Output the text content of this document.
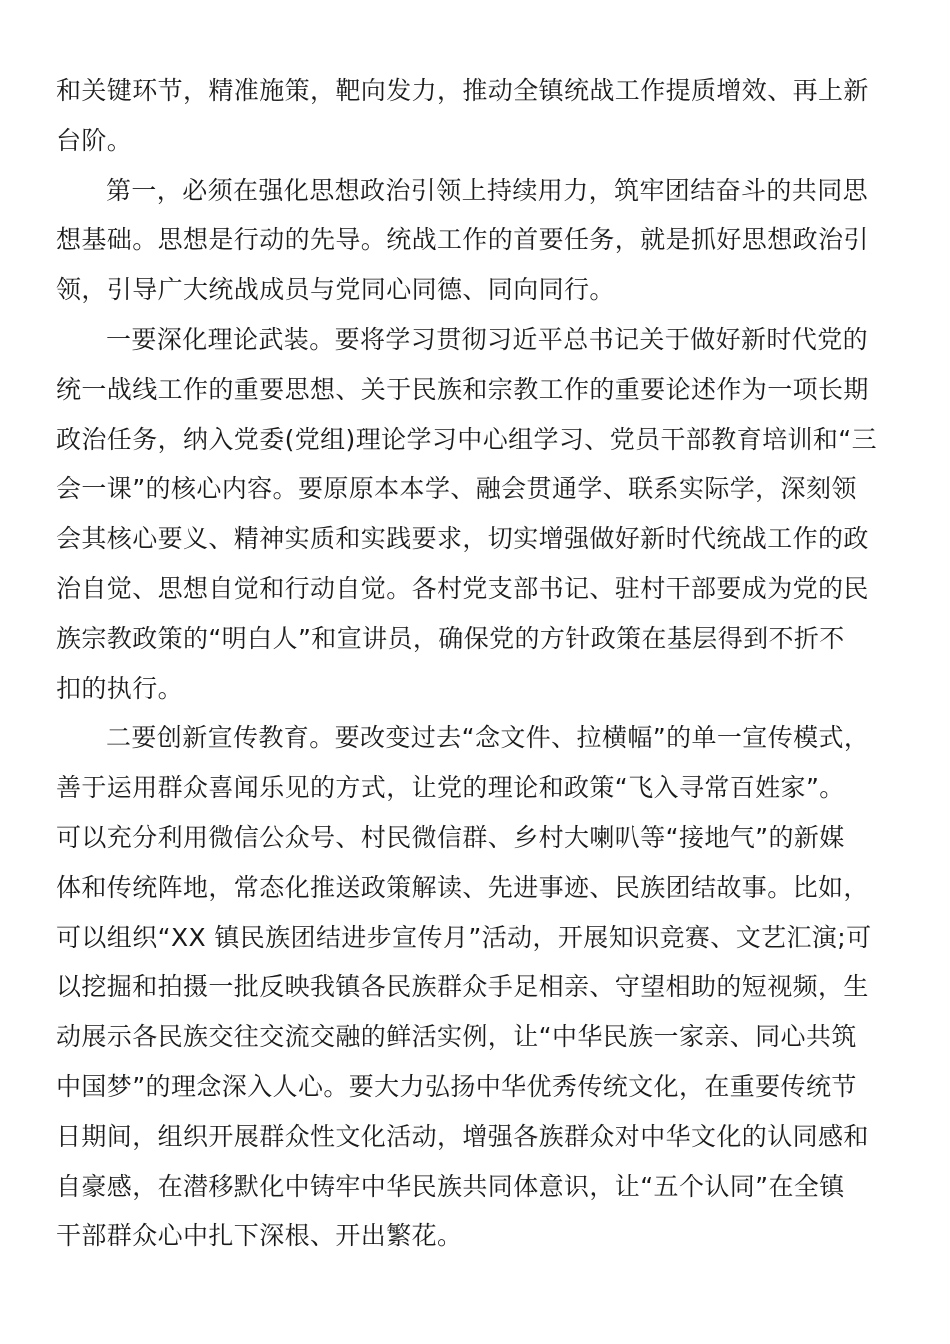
和关键环节，精准施策，靶向发力，推动全镇统战工作提质增效、再上新
台阶。
第一，必须在强化思想政治引领上持续用力，筑牢团结奋斗的共同思
想基础。思想是行动的先导。统战工作的首要任务，就是抓好思想政治引
领，引导广大统战成员与党同心同德、同向同行。
一要深化理论武装。要将学习贯彻习近平总书记关于做好新时代党的
统一战线工作的重要思想、关于民族和宗教工作的重要论述作为一项长期
政治任务，纳入党委(党组)理论学习中心组学习、党员干部教育培训和“三
会一课”的核心内容。要原原本本学、融会贯通学、联系实际学，深刻领
会其核心要义、精神实质和实践要求，切实增强做好新时代统战工作的政
治自觉、思想自觉和行动自觉。各村党支部书记、驻村干部要成为党的民
族宗教政策的“明白人”和宣讲员，确保党的方针政策在基层得到不折不
扣的执行。
二要创新宣传教育。要改变过去“念文件、拉横幅”的单一宣传模式，
善于运用群众喜闻乐见的方式，让党的理论和政策“飞入寻常百姓家”。
可以充分利用微信公众号、村民微信群、乡村大喇叭等“接地气”的新媒
体和传统阵地，常态化推送政策解读、先进事迹、民族团结故事。比如，
可以组织“XX 镇民族团结进步宣传月”活动，开展知识竞赛、文艺汇演;可
以挖掘和拍摄一批反映我镇各民族群众手足相亲、守望相助的短视频，生
动展示各民族交往交流交融的鲜活实例，让“中华民族一家亲、同心共筑
中国梦”的理念深入人心。要大力弘扬中华优秀传统文化，在重要传统节
日期间，组织开展群众性文化活动，增强各族群众对中华文化的认同感和
自豪感，在潜移默化中铸牢中华民族共同体意识，让“五个认同”在全镇
干部群众心中扎下深根、开出繁花。
